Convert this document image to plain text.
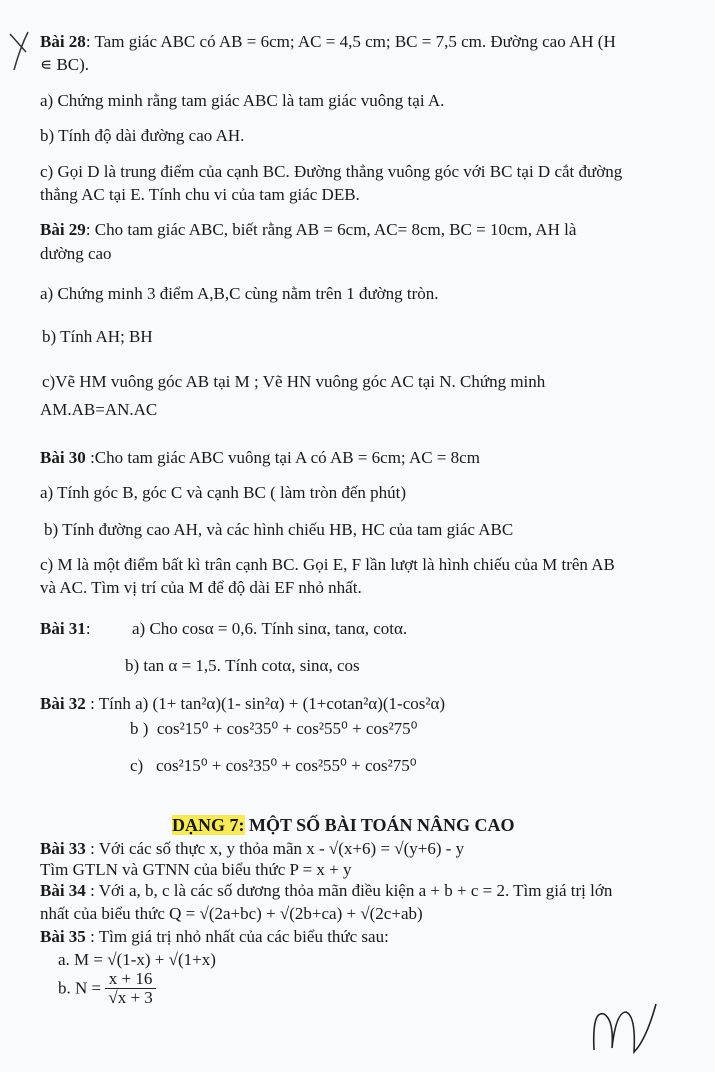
Bài 28: Tam giác ABC có AB = 6cm; AC = 4,5 cm; BC = 7,5 cm. Đường cao AH (H
∊ BC).
a) Chứng minh rằng tam giác ABC là tam giác vuông tại A.
b) Tính độ dài đường cao AH.
c) Gọi D là trung điểm của cạnh BC. Đường thẳng vuông góc với BC tại D cắt đường
thẳng AC tại E. Tính chu vi của tam giác DEB.
Bài 29: Cho tam giác ABC, biết rằng AB = 6cm, AC= 8cm, BC = 10cm, AH là
dường cao
a) Chứng minh 3 điểm A,B,C cùng nằm trên 1 đường tròn.
b) Tính AH; BH
c)Vẽ HM vuông góc AB tại M ; Vẽ HN vuông góc AC tại N. Chứng minh
AM.AB=AN.AC
Bài 30 :Cho tam giác ABC vuông tại A có AB = 6cm; AC = 8cm
a) Tính góc B, góc C và cạnh BC ( làm tròn đến phút)
b) Tính đường cao AH, và các hình chiếu HB, HC của tam giác ABC
c) M là một điểm bất kì trân cạnh BC. Gọi E, F lần lượt là hình chiếu của M trên AB
và AC. Tìm vị trí của M để độ dài EF nhỏ nhất.
Bài 31: a) Cho cosα = 0,6. Tính sinα, tanα, cotα.
b) tan α = 1,5. Tính cotα, sinα, cos
Bài 32 : Tính a) (1+ tan²α)(1- sin²α) + (1+cotan²α)(1-cos²α)
b ) cos²15⁰ + cos²35⁰ + cos²55⁰ + cos²75⁰
c) cos²15⁰ + cos²35⁰ + cos²55⁰ + cos²75⁰
DẠNG 7: MỘT SỐ BÀI TOÁN NÂNG CAO
Bài 33 : Với các số thực x, y thỏa mãn x - √(x+6) = √(y+6) - y
Tìm GTLN và GTNN của biểu thức P = x + y
Bài 34 : Với a, b, c là các số dương thỏa mãn điều kiện a + b + c = 2. Tìm giá trị lớn
nhất của biểu thức Q = √(2a+bc) + √(2b+ca) + √(2c+ab)
Bài 35 : Tìm giá trị nhỏ nhất của các biểu thức sau:
a. M = √(1-x) + √(1+x)
b. $N = \frac{x + 16}{√x + 3}$
